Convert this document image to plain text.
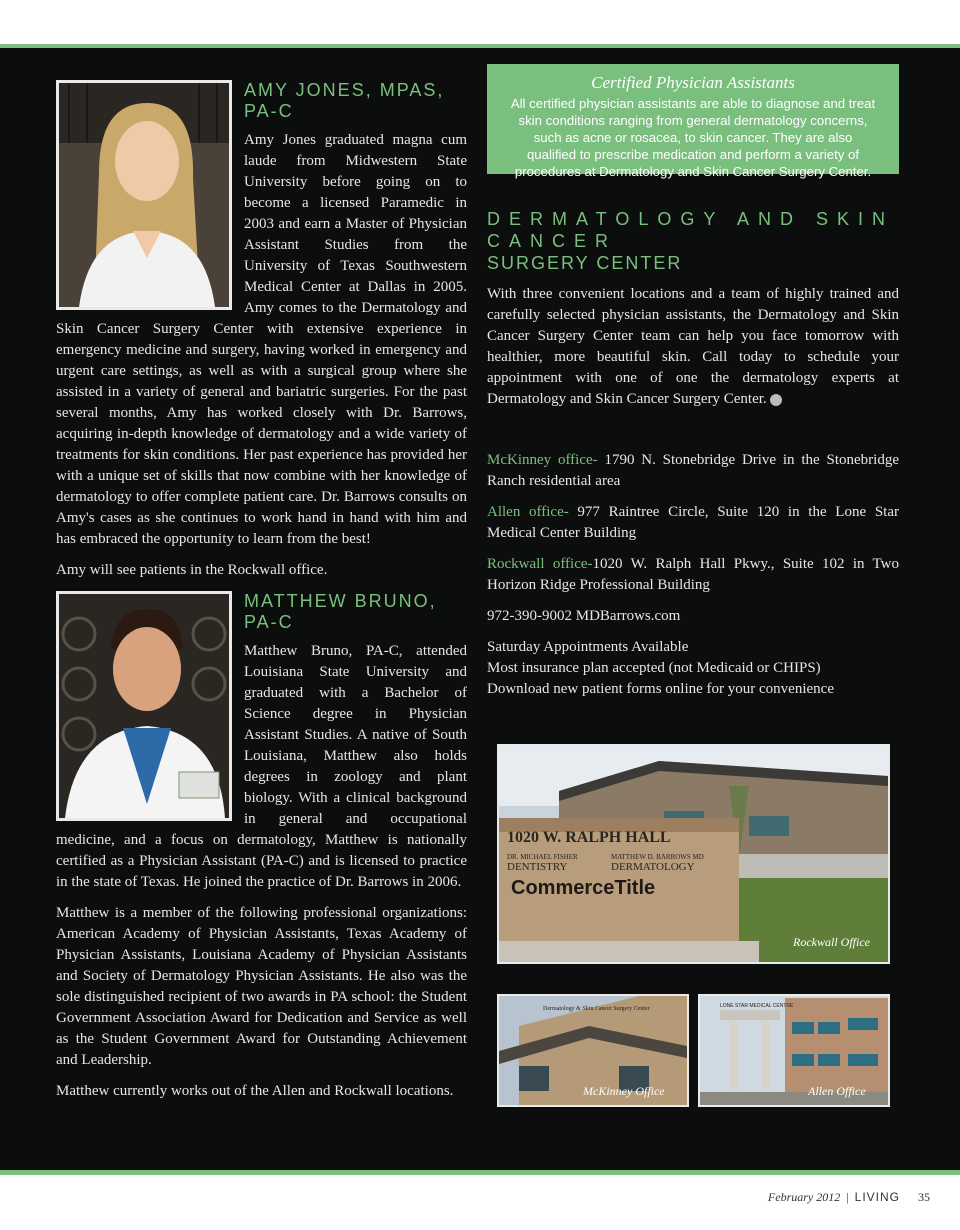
AMY JONES, MPAS, PA-C

Amy Jones graduated magna cum laude from Midwestern State University before going on to become a licensed Paramedic in 2003 and earn a Master of Physician Assistant Studies from the University of Texas Southwestern Medical Center at Dallas in 2005. Amy comes to the Dermatology and Skin Cancer Surgery Center with extensive experience in emergency medicine and surgery, having worked in emergency and urgent care settings, as well as with a surgical group where she assisted in a variety of general and bariatric surgeries. For the past several months, Amy has worked closely with Dr. Barrows, acquiring in-depth knowledge of dermatology and a wide variety of treatments for skin conditions. Her past experience has provided her with a unique set of skills that now combine with her knowledge of dermatology to offer complete patient care. Dr. Barrows consults on Amy's cases as she continues to work hand in hand with him and has embraced the opportunity to learn from the best!

Amy will see patients in the Rockwall office.

MATTHEW BRUNO, PA-C

Matthew Bruno, PA-C, attended Louisiana State University and graduated with a Bachelor of Science degree in Physician Assistant Studies. A native of South Louisiana, Matthew also holds degrees in zoology and plant biology. With a clinical background in general and occupational medicine, and a focus on dermatology, Matthew is nationally certified as a Physician Assistant (PA-C) and is licensed to practice in the state of Texas. He joined the practice of Dr. Barrows in 2006.

Matthew is a member of the following professional organizations: American Academy of Physician Assistants, Texas Academy of Physician Assistants, Louisiana Academy of Physician Assistants and Society of Dermatology Physician Assistants. He also was the sole distinguished recipient of two awards in PA school: the Student Government Association Award for Dedication and Service as well as the Student Government Award for Outstanding Achievement and Leadership.

Matthew currently works out of the Allen and Rockwall locations.

Certified Physician Assistants
All certified physician assistants are able to diagnose and treat skin conditions ranging from general dermatology concerns, such as acne or rosacea, to skin cancer. They are also qualified to prescribe medication and perform a variety of procedures at Dermatology and Skin Cancer Surgery Center.
DERMATOLOGY AND SKIN CANCER
SURGERY CENTER

With three convenient locations and a team of highly trained and carefully selected physician assistants, the Dermatology and Skin Cancer Surgery Center team can help you face tomorrow with healthier, more beautiful skin. Call today to schedule your appointment with one of one the dermatology experts at Dermatology and Skin Cancer Surgery Center.

McKinney office- 1790 N. Stonebridge Drive in the Stonebridge Ranch residential area

Allen office- 977 Raintree Circle, Suite 120 in the Lone Star Medical Center Building

Rockwall office-1020 W. Ralph Hall Pkwy., Suite 102 in Two Horizon Ridge Professional Building

972-390-9002 MDBarrows.com

Saturday Appointments Available
Most insurance plan accepted (not Medicaid or CHIPS)
Download new patient forms online for your convenience
1020 W. RALPH HALL
DR. MICHAEL FISHER
DENTISTRY
MATTHEW D. BARROWS MD
DERMATOLOGY
CommerceTitle
Rockwall Office
Dermatology & Skin Cancer Surgery Center
McKinney Office
LONE STAR MEDICAL CENTRE
Allen Office
February 2012 | LIVING 35
